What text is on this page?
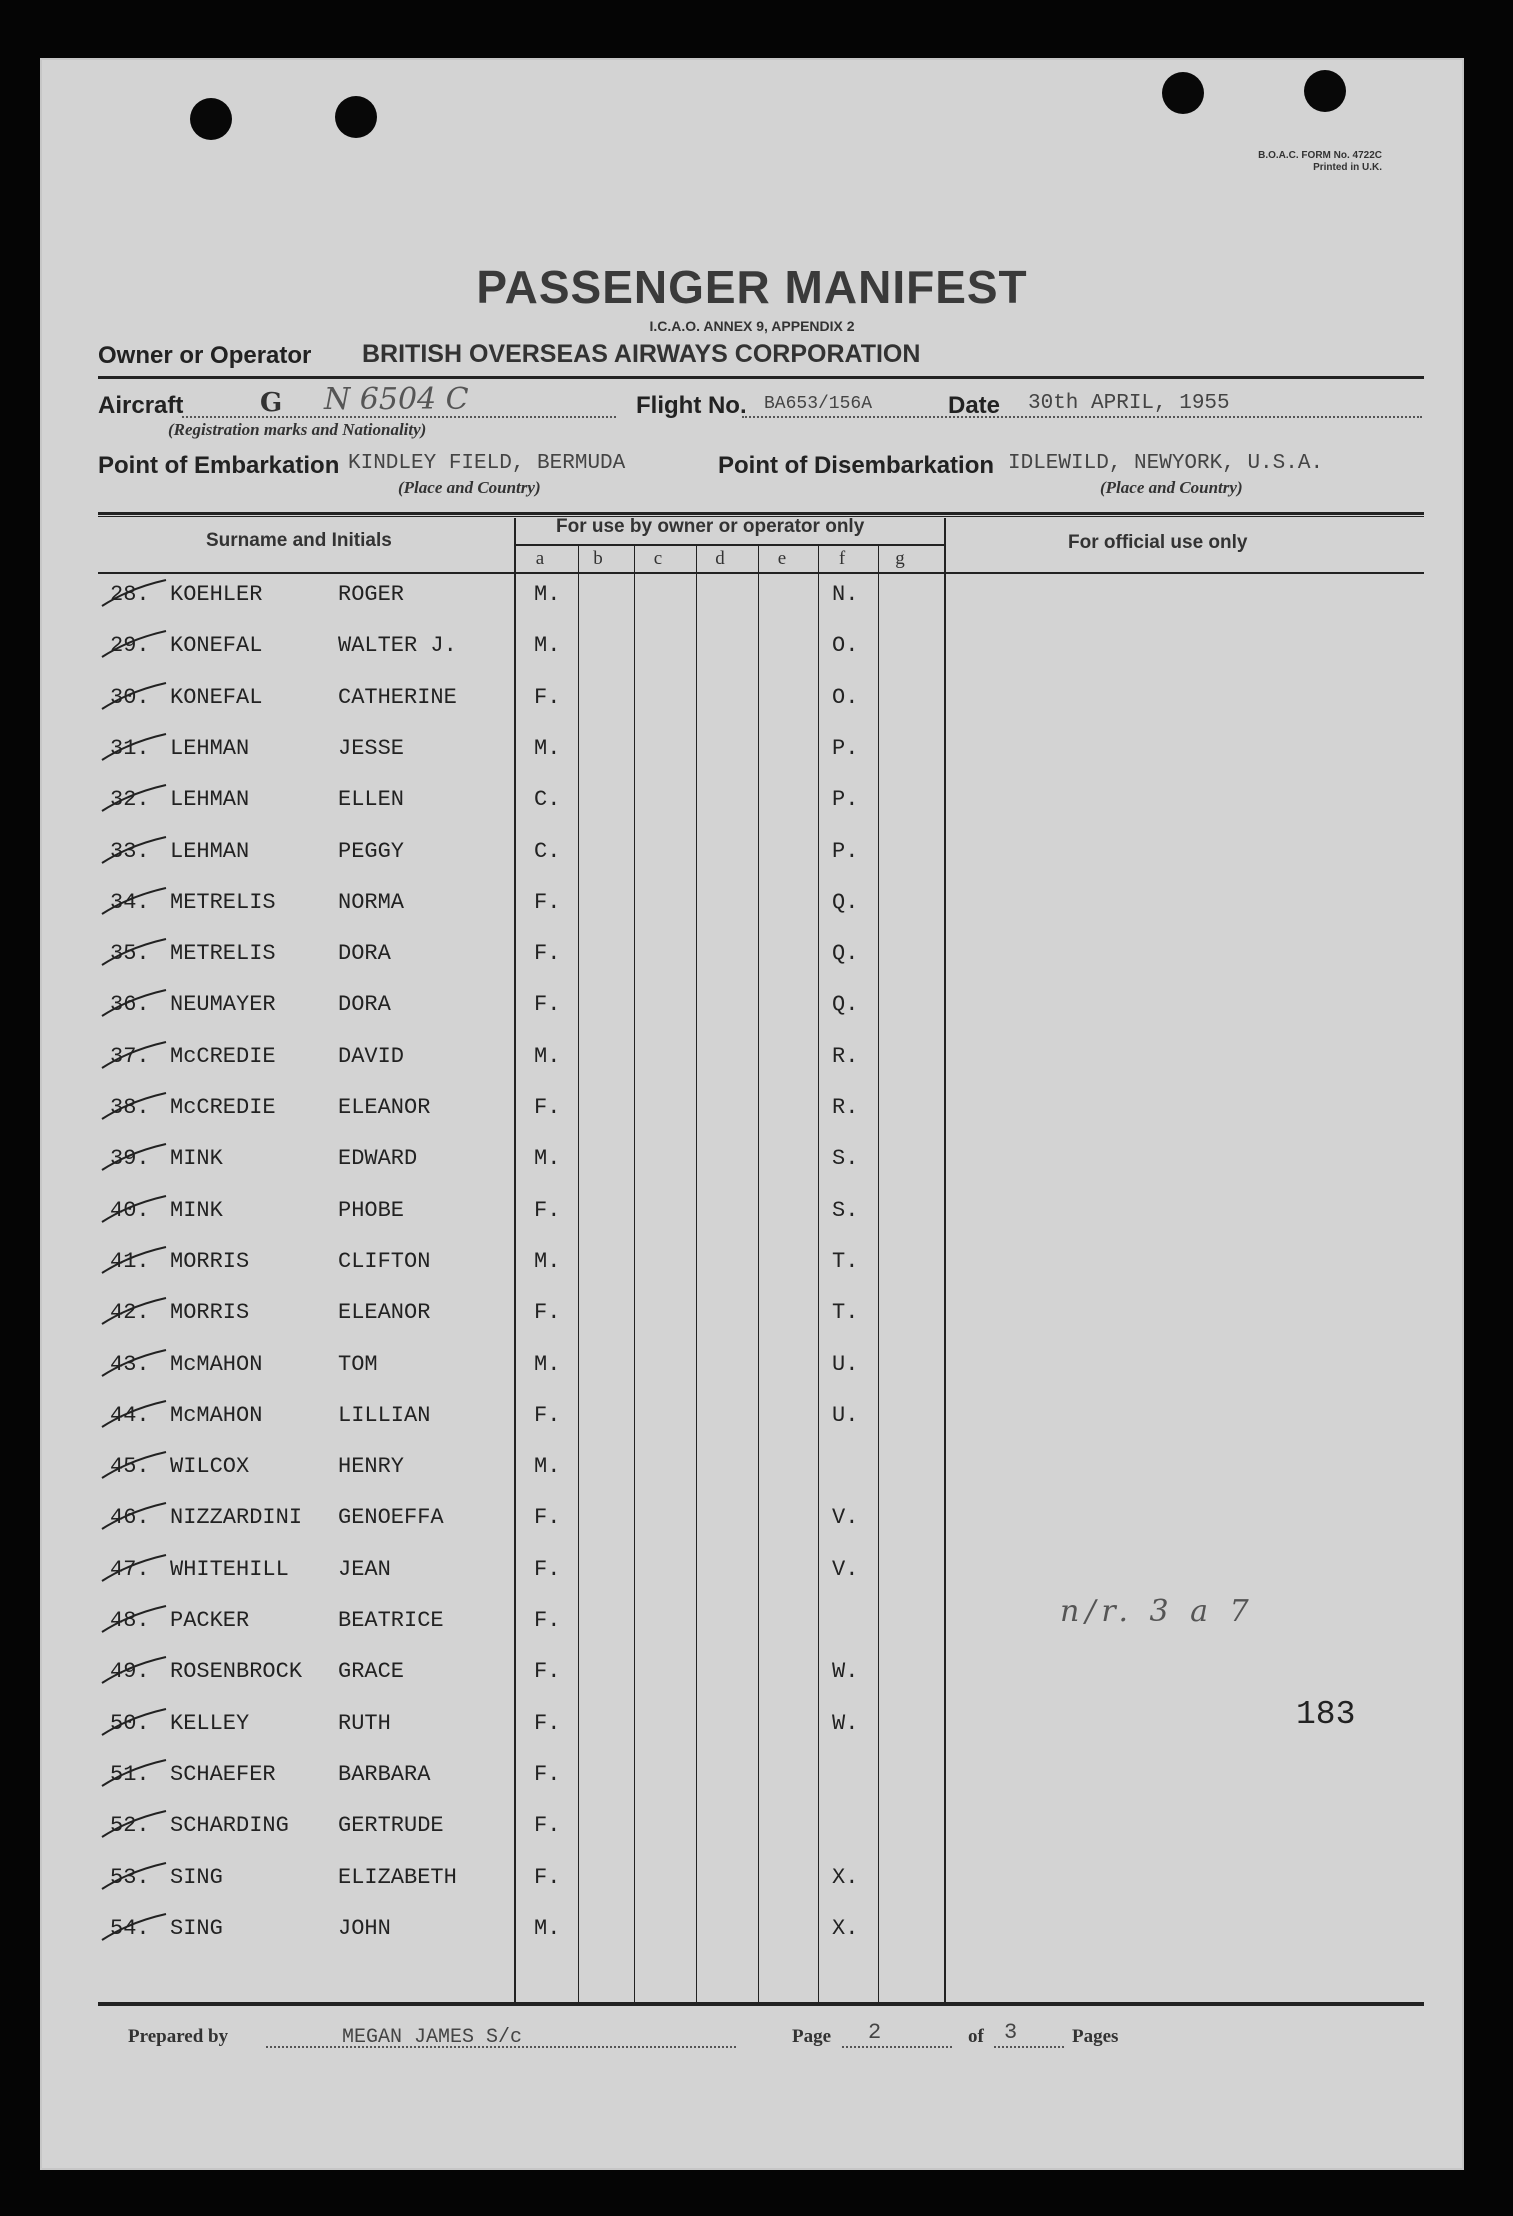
B.O.A.C. FORM No. 4722C
Printed in U.K.
PASSENGER MANIFEST
I.C.A.O. ANNEX 9, APPENDIX 2
Owner or Operator BRITISH OVERSEAS AIRWAYS CORPORATION
Aircraft	G N 6504 C
(Registration marks and Nationality)
Flight No. BA653/156A	Date 30th APRIL, 1955
Point of Embarkation KINDLEY FIELD, BERMUDA
(Place and Country)
Point of Disembarkation IDLEWILD, NEWYORK, U.S.A.
(Place and Country)
Surname and Initials
For use by owner or operator only
For official use only
a	b	c	d	e	f	g
28. KOEHLER	ROGER	M.	N.
29. KONEFAL	WALTER J.	M.	O.
30. KONEFAL	CATHERINE	F.	O.
31. LEHMAN	JESSE	M.	P.
32. LEHMAN	ELLEN	C.	P.
33. LEHMAN	PEGGY	C.	P.
34. METRELIS	NORMA	F.	Q.
35. METRELIS	DORA	F.	Q.
36. NEUMAYER	DORA	F.	Q.
37. McCREDIE	DAVID	M.	R.
38. McCREDIE	ELEANOR	F.	R.
39. MINK	EDWARD	M.	S.
40. MINK	PHOBE	F.	S.
41. MORRIS	CLIFTON	M.	T.
42. MORRIS	ELEANOR	F.	T.
43. McMAHON	TOM	M.	U.
44. McMAHON	LILLIAN	F.	U.
45. WILCOX	HENRY	M.
46. NIZZARDINI GENOEFFA	F.	V.
47. WHITEHILL JEAN	F.	V.
48. PACKER	BEATRICE	F.
49. ROSENBROCK GRACE	F.	W.
50. KELLEY	RUTH	F.	W.
51. SCHAEFER	BARBARA	F.
52. SCHARDING GERTRUDE	F.
53. SING	ELIZABETH	F.	X.
54. SING	JOHN	M.	X.
n/r. 3 a 7
183
Prepared by	MEGAN JAMES S/c	Page 2	of 3	Pages
